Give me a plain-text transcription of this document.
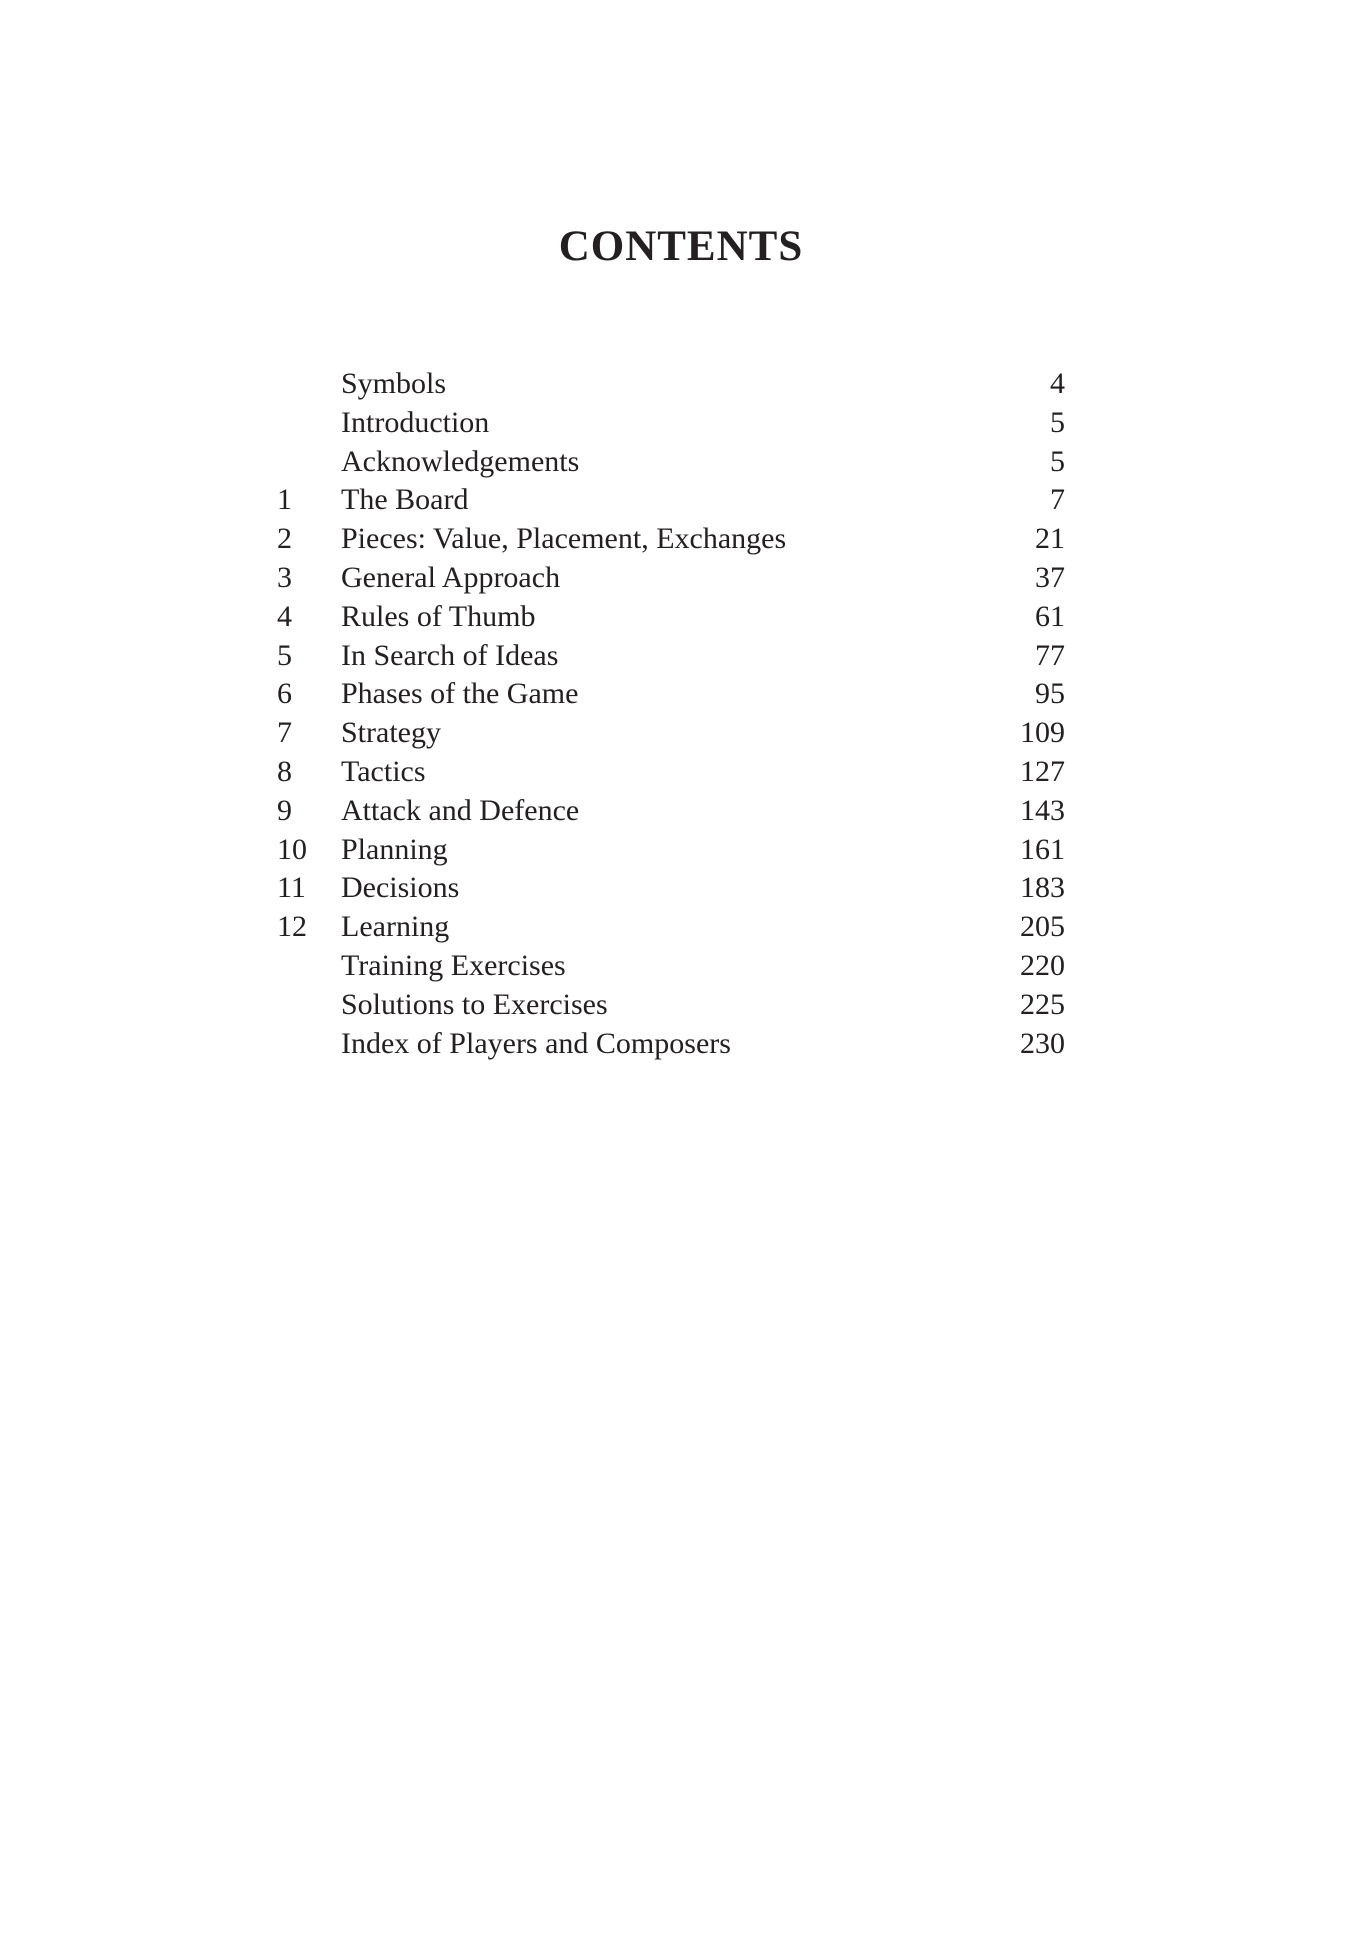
CONTENTS
Symbols	4
Introduction	5
Acknowledgements	5
1	The Board	7
2	Pieces: Value, Placement, Exchanges	21
3	General Approach	37
4	Rules of Thumb	61
5	In Search of Ideas	77
6	Phases of the Game	95
7	Strategy	109
8	Tactics	127
9	Attack and Defence	143
10	Planning	161
11	Decisions	183
12	Learning	205
Training Exercises	220
Solutions to Exercises	225
Index of Players and Composers	230
